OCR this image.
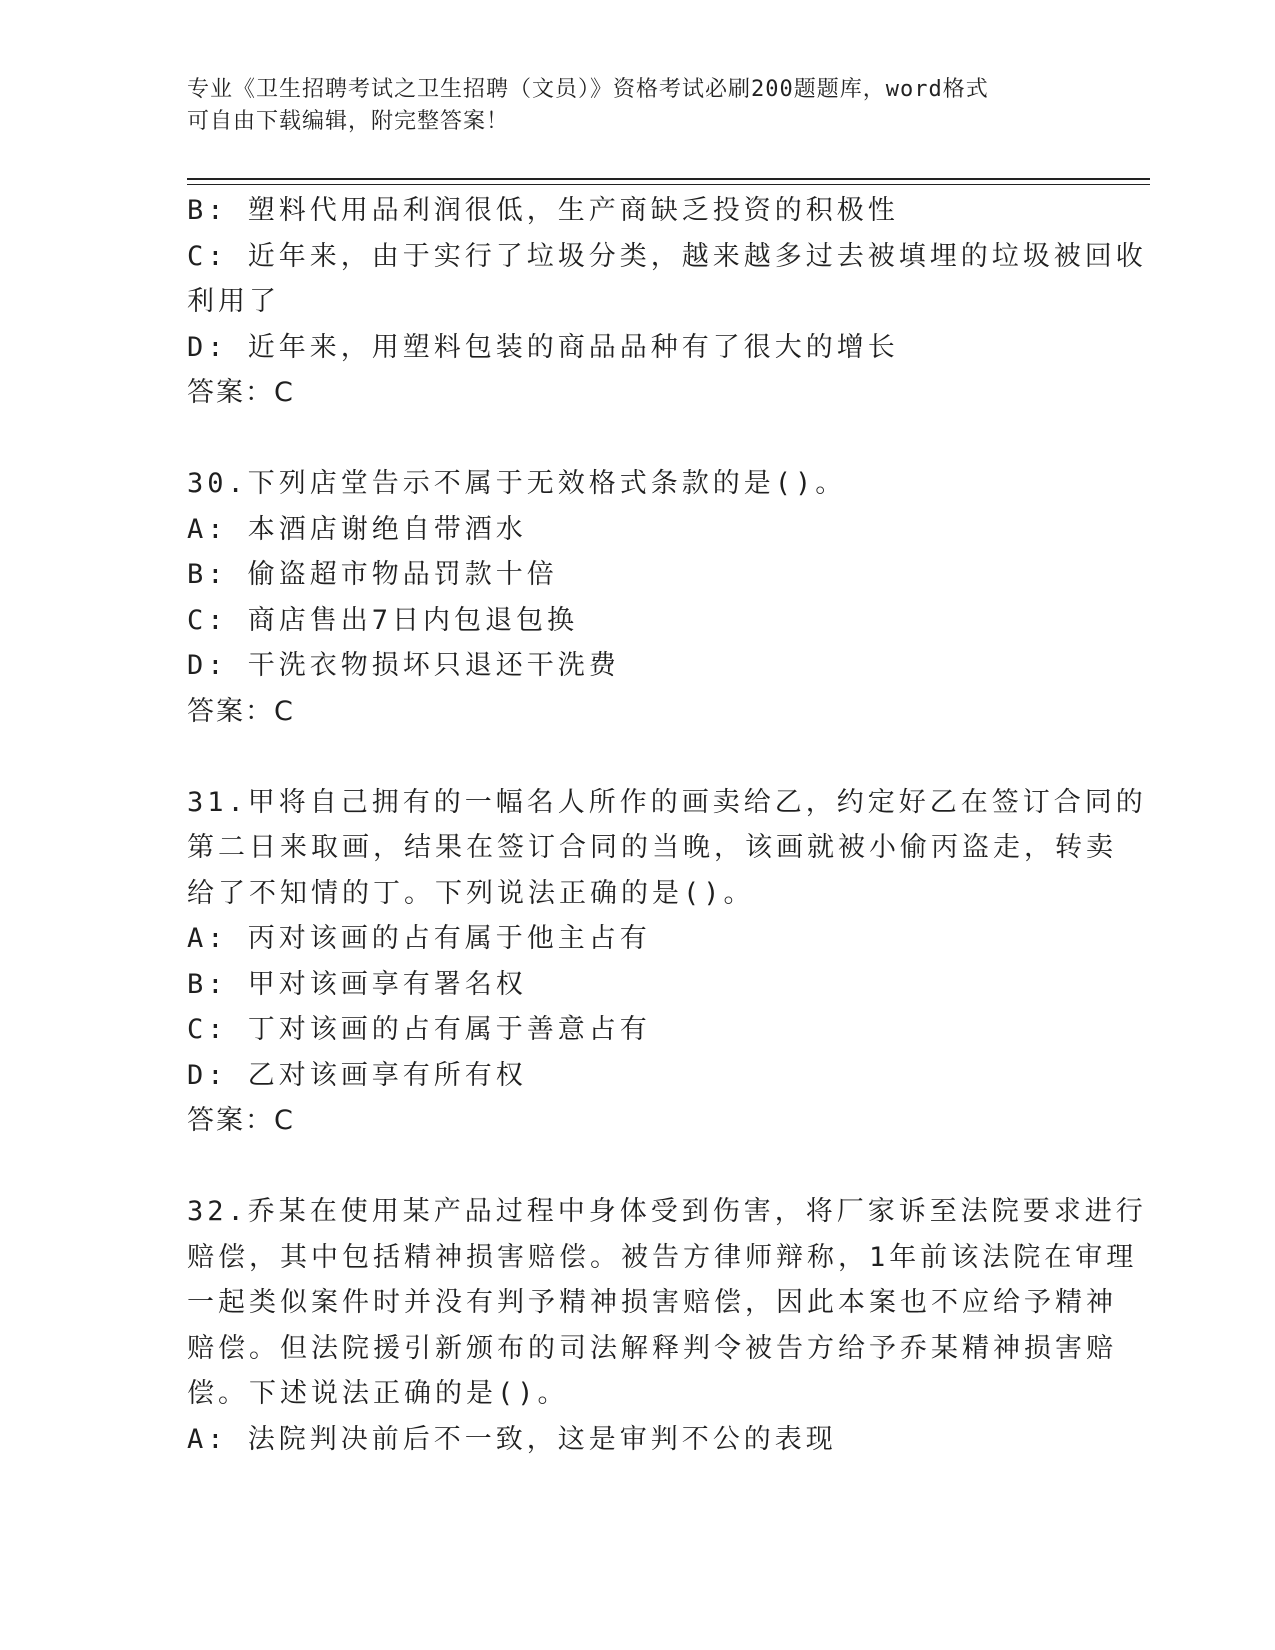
专业《卫生招聘考试之卫生招聘（文员）》资格考试必刷200题题库，word格式
可自由下载编辑，附完整答案！
B: 塑料代用品利润很低，生产商缺乏投资的积极性
C: 近年来，由于实行了垃圾分类，越来越多过去被填埋的垃圾被回收
利用了
D: 近年来，用塑料包装的商品品种有了很大的增长
答案：C
30.下列店堂告示不属于无效格式条款的是()。
A: 本酒店谢绝自带酒水
B: 偷盗超市物品罚款十倍
C: 商店售出7日内包退包换
D: 干洗衣物损坏只退还干洗费
答案：C
31.甲将自己拥有的一幅名人所作的画卖给乙，约定好乙在签订合同的
第二日来取画，结果在签订合同的当晚，该画就被小偷丙盗走，转卖
给了不知情的丁。下列说法正确的是()。
A: 丙对该画的占有属于他主占有
B: 甲对该画享有署名权
C: 丁对该画的占有属于善意占有
D: 乙对该画享有所有权
答案：C
32.乔某在使用某产品过程中身体受到伤害，将厂家诉至法院要求进行
赔偿，其中包括精神损害赔偿。被告方律师辩称，1年前该法院在审理
一起类似案件时并没有判予精神损害赔偿，因此本案也不应给予精神
赔偿。但法院援引新颁布的司法解释判令被告方给予乔某精神损害赔
偿。下述说法正确的是()。
A: 法院判决前后不一致，这是审判不公的表现
